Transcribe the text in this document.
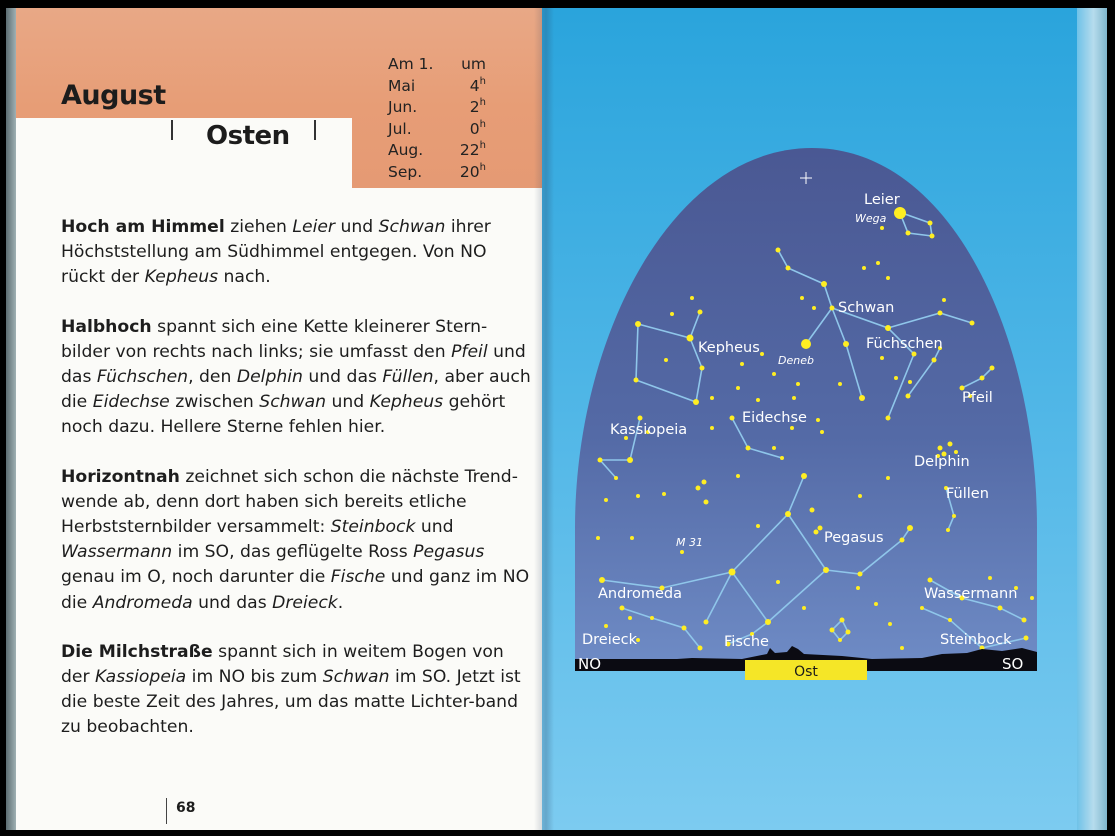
August
Osten
Am 1.	um
Mai	4$^h$
Jun.	2$^h$
Jul.	0$^h$
Aug.	22$^h$
Sep.	20$^h$

Hoch am Himmel ziehen Leier und Schwan ihrer Höchststellung am Südhimmel entgegen. Von NO rückt der Kepheus nach.

Halbhoch spannt sich eine Kette kleinerer Stern-bilder von rechts nach links; sie umfasst den Pfeil und das Füchschen, den Delphin und das Füllen, aber auch die Eidechse zwischen Schwan und Kepheus gehört noch dazu. Hellere Sterne fehlen hier.

Horizontnah zeichnet sich schon die nächste Trend-wende ab, denn dort haben sich bereits etliche Herbststernbilder versammelt: Steinbock und Wassermann im SO, das geflügelte Ross Pegasus genau im O, noch darunter die Fische und ganz im NO die Andromeda und das Dreieck.

Die Milchstraße spannt sich in weitem Bogen von der Kassiopeia im NO bis zum Schwan im SO. Jetzt ist die beste Zeit des Jahres, um das matte Lichter-band zu beobachten.

68
Leier
Schwan
Kepheus	Füchschen
Pfeil
Kassiopeia
Eidechse
Delphin
Füllen
Pegasus
Andromeda	Wassermann
Dreieck	Fische	Steinbock
Wega
Deneb
M 31
NO	SO
Ost
